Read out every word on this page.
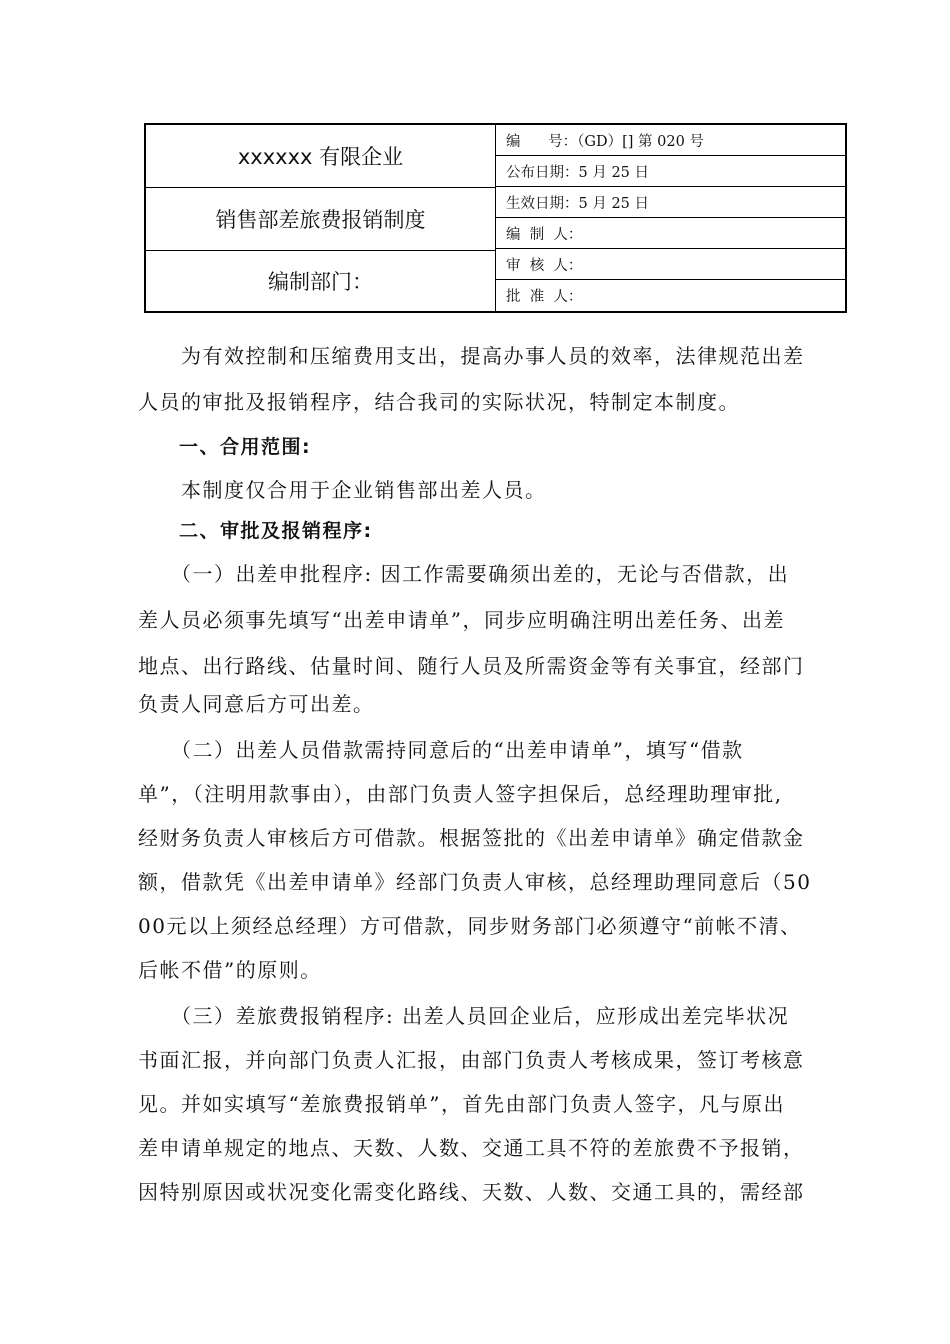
xxxxxx 有限企业
销售部差旅费报销制度
编制部门：
编      号：（GD）[] 第 020 号
公布日期：5 月 25 日
生效日期：5 月 25 日
编  制  人：
审  核  人：
批  准  人：
　　为有效控制和压缩费用支出，提高办事人员的效率，法律规范出差
人员的审批及报销程序，结合我司的实际状况，特制定本制度。
　　一、合用范围:
　　本制度仅合用于企业销售部出差人员。
　　二、审批及报销程序:
　　（一）出差申批程序: 因工作需要确须出差的，无论与否借款，出
差人员必须事先填写“出差申请单”，同步应明确注明出差任务、出差
地点、出行路线、估量时间、随行人员及所需资金等有关事宜，经部门
负责人同意后方可出差。
　　（二）出差人员借款需持同意后的“出差申请单”，填写“借款
单”，（注明用款事由），由部门负责人签字担保后，总经理助理审批,
经财务负责人审核后方可借款。根据签批的《出差申请单》确定借款金
额，借款凭《出差申请单》经部门负责人审核，总经理助理同意后（50
00元以上须经总经理）方可借款，同步财务部门必须遵守“前帐不清、
后帐不借”的原则。
　　（三）差旅费报销程序: 出差人员回企业后，应形成出差完毕状况
书面汇报，并向部门负责人汇报，由部门负责人考核成果，签订考核意
见。并如实填写“差旅费报销单”，首先由部门负责人签字，凡与原出
差申请单规定的地点、天数、人数、交通工具不符的差旅费不予报销，
因特别原因或状况变化需变化路线、天数、人数、交通工具的，需经部
